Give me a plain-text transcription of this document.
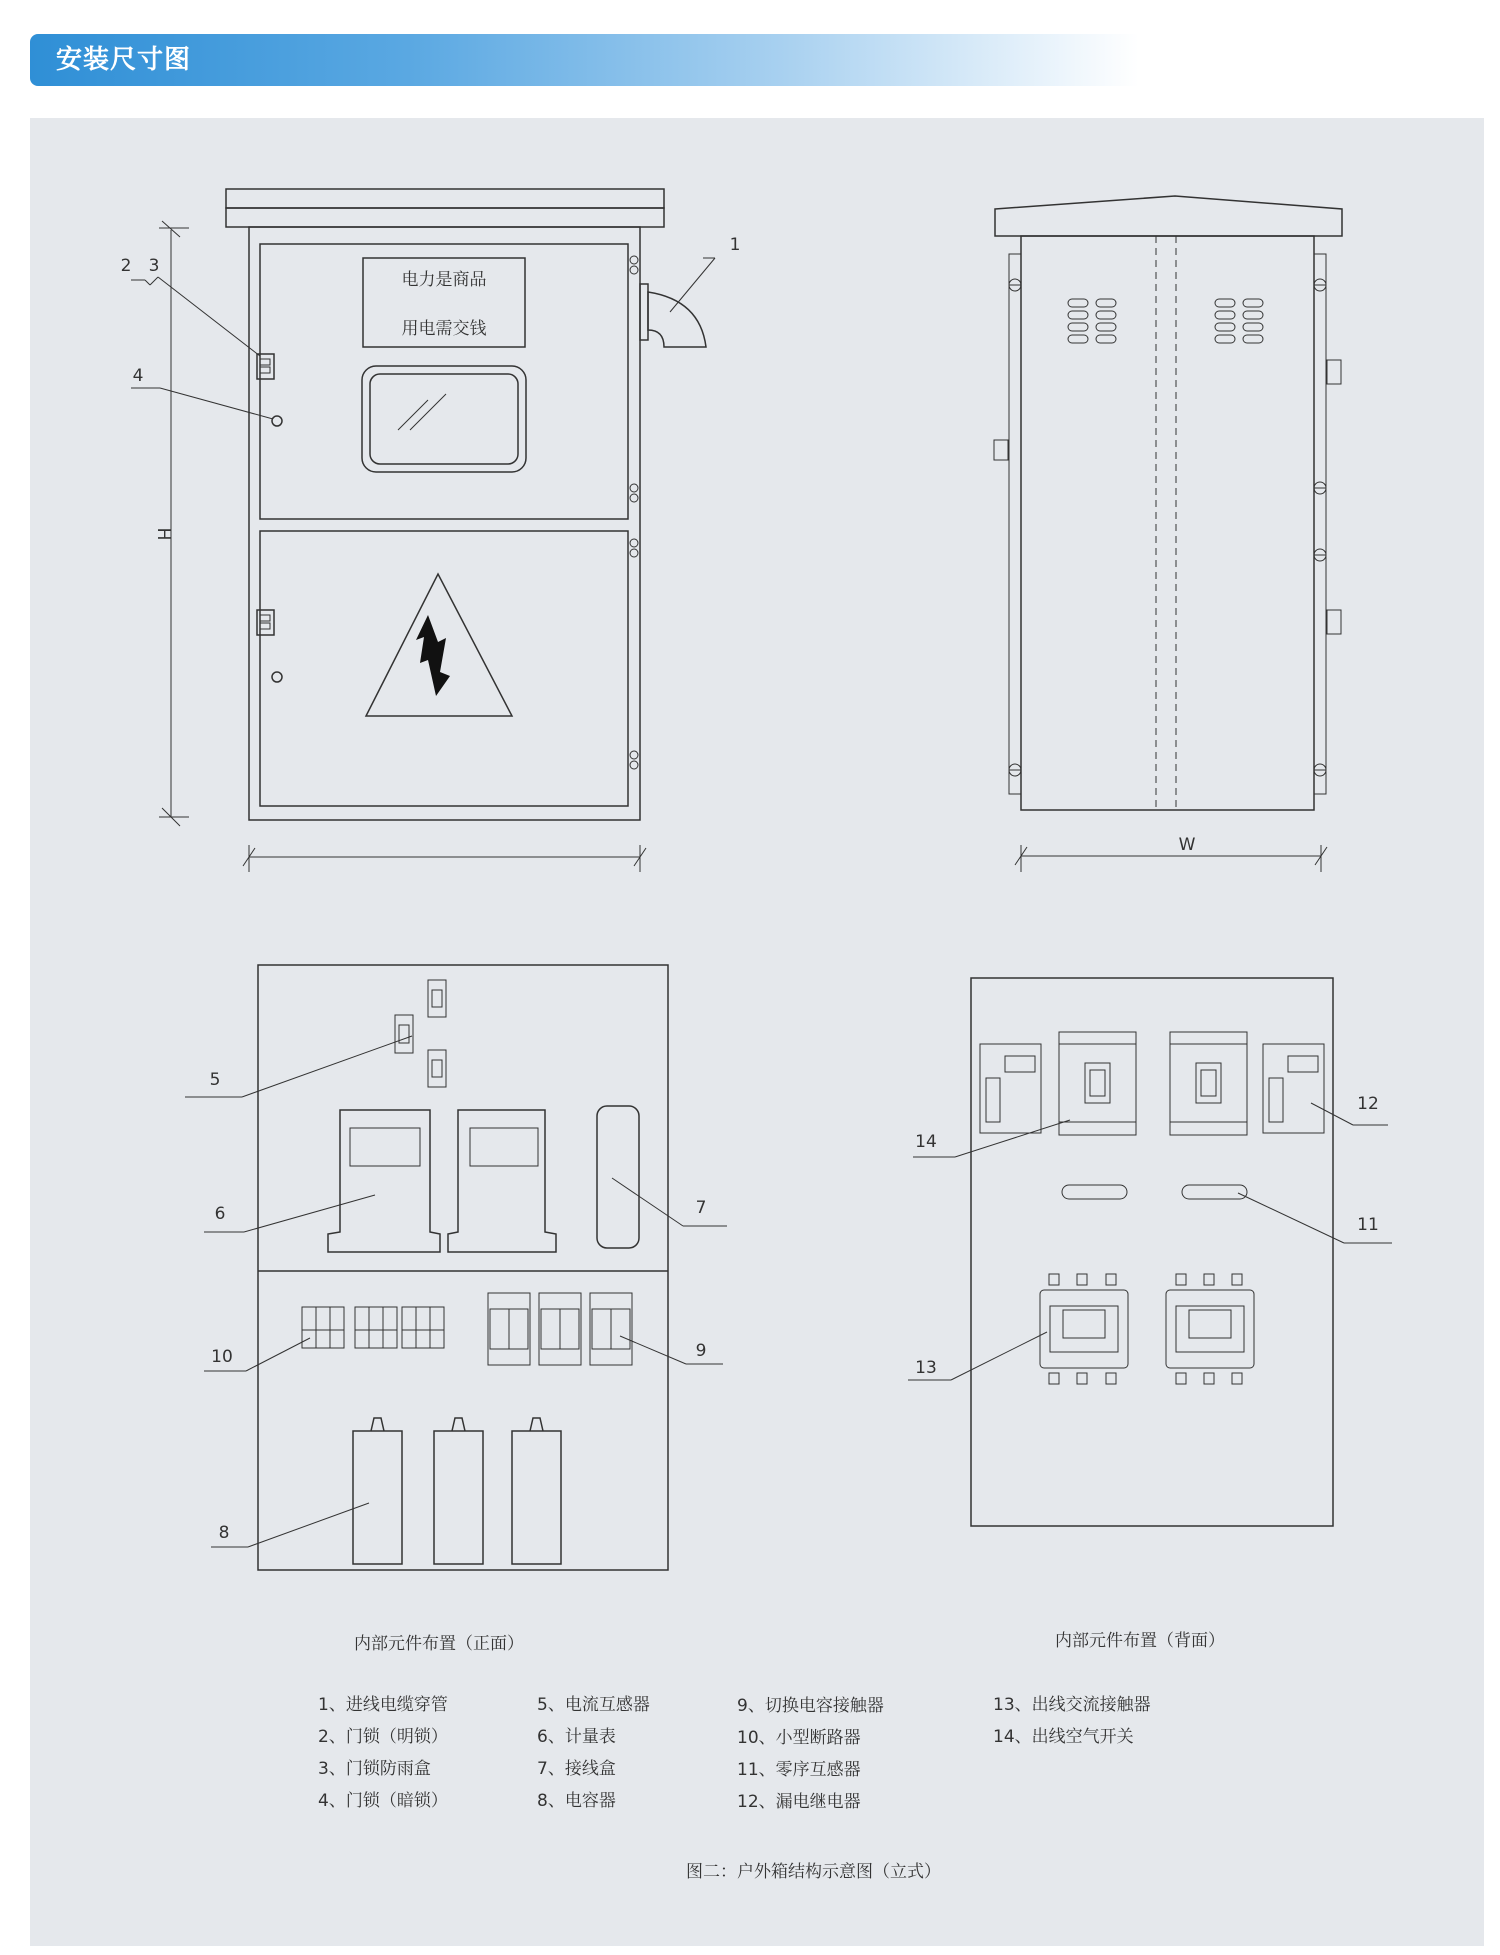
安装尺寸图
电力是商品
用电需交钱
H
W
1
2 3
4
5
6	7
8
9
10
11
12
13
14
内部元件布置（正面）	内部元件布置（背面）
1、进线电缆穿管
2、门锁（明锁）
3、门锁防雨盒
4、门锁（暗锁）
5、电流互感器
6、计量表
7、接线盒
8、电容器
9、切换电容接触器
10、小型断路器
11、零序互感器
12、漏电继电器
13、出线交流接触器
14、出线空气开关
图二：户外箱结构示意图（立式）
